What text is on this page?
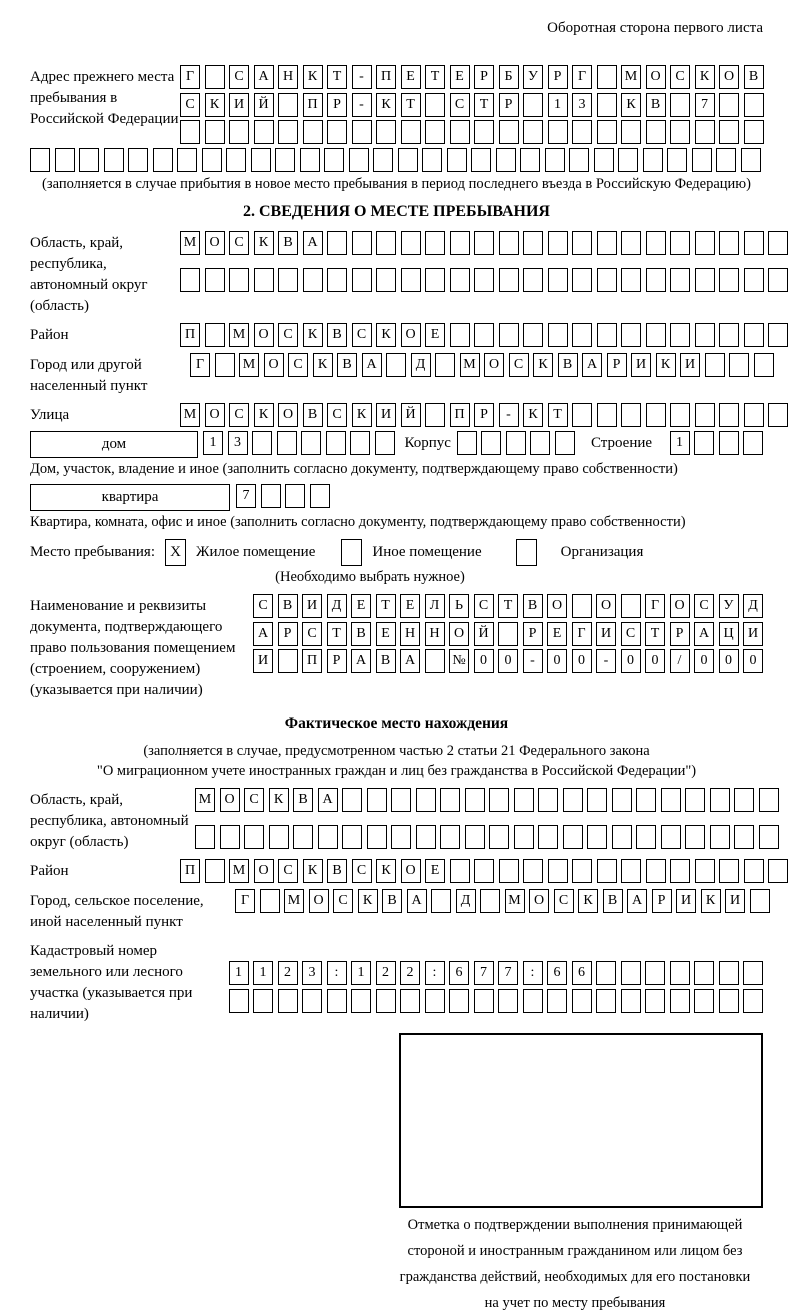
Оборотная сторона первого листа
Адрес прежнего места пребывания в Российской Федерации
Г	С	А	Н	К	Т	-	П	Е	Т	Е	Р	Б	У	Р	Г	М О	С	К	О	В
С	К	И	Й	П	Р	-	К	Т	С	Т	Р	1	3	К	В	7
(заполняется в случае прибытия в новое место пребывания в период последнего въезда в Российскую Федерацию)
2. СВЕДЕНИЯ О МЕСТЕ ПРЕБЫВАНИЯ
Область, край, республика, автономный округ (область)
М О	С	К	В	А
Район	П	М О	С	К	В	С	К	О	Е
Город или другой населенный пункт
Г	М О	С	К	В	А	Д	М О	С	К	В	А	Р	И	К	И
Улица	М О	С	К	О	В	С	К	И	Й	П	Р	-	К	Т
дом	1	3	Корпус	Строение	1
Дом, участок, владение и иное (заполнить согласно документу, подтверждающему право собственности)
квартира	7
Квартира, комната, офис и иное (заполнить согласно документу, подтверждающему право собственности)
Место пребывания:	X	Жилое помещение	Иное помещение	Организация
(Необходимо выбрать нужное)
Наименование и реквизиты документа, подтверждающего право пользования помещением (строением, сооружением) (указывается при наличии)
С	В	И	Д	Е	Т	Е	Л	Ь	С	Т	В	О	О	Г	О	С	У	Д
А	Р	С	Т	В	Е	Н	Н	О	Й	Р	Е	Г	И	С	Т	Р	А	Ц	И
И	П	Р	А	В	А	№	0	0	-	0	0	-	0	0	/	0	0	0
Фактическое место нахождения
(заполняется в случае, предусмотренном частью 2 статьи 21 Федерального закона
"О миграционном учете иностранных граждан и лиц без гражданства в Российской Федерации")
Область, край, республика, автономный округ (область)
М О	С	К	В	А
Район	П	М О	С	К	В	С	К	О	Е
Город, сельское поселение, иной населенный пункт
Г	М О	С	К	В	А	Д	М О	С	К	В	А	Р	И	К	И
Кадастровый номер земельного или лесного участка (указывается при наличии)
1	1	2	3	:	1	2	2	:	6	7	7	:	6	6
Отметка о подтверждении выполнения принимающей
стороной и иностранным гражданином или лицом без
гражданства действий, необходимых для его постановки
на учет по месту пребывания
